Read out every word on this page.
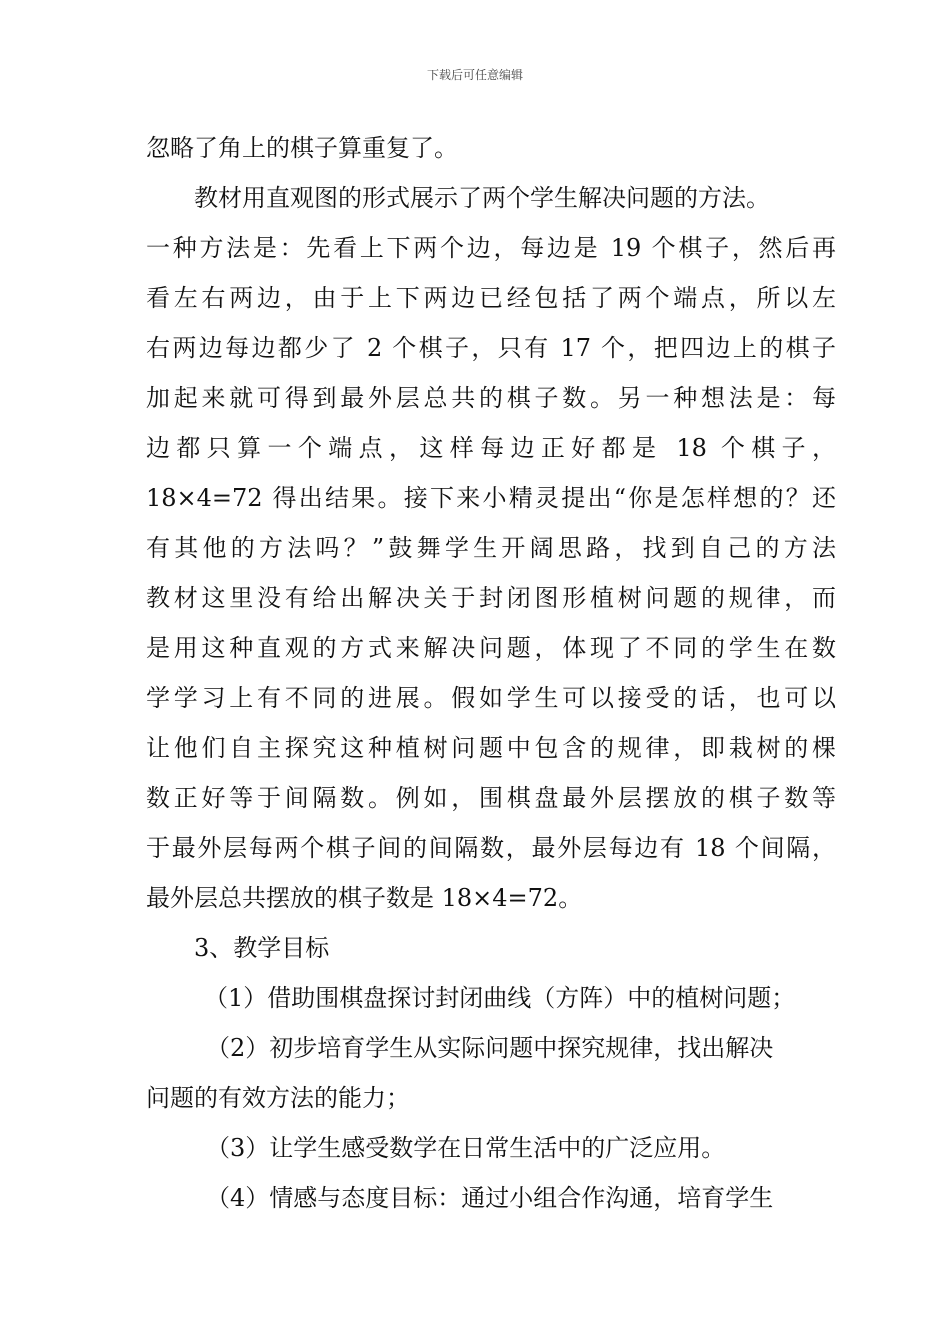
下载后可任意编辑
忽略了角上的棋子算重复了。
教材用直观图的形式展示了两个学生解决问题的方法。
一种方法是：先看上下两个边，每边是 19 个棋子，然后再
看左右两边，由于上下两边已经包括了两个端点，所以左
右两边每边都少了 2 个棋子，只有 17 个，把四边上的棋子
加起来就可得到最外层总共的棋子数。另一种想法是：每
边都只算一个端点，这样每边正好都是 18 个棋子，
18×4=72 得出结果。接下来小精灵提出“你是怎样想的？还
有其他的方法吗？”鼓舞学生开阔思路，找到自己的方法
教材这里没有给出解决关于封闭图形植树问题的规律，而
是用这种直观的方式来解决问题，体现了不同的学生在数
学学习上有不同的进展。假如学生可以接受的话，也可以
让他们自主探究这种植树问题中包含的规律，即栽树的棵
数正好等于间隔数。例如，围棋盘最外层摆放的棋子数等
于最外层每两个棋子间的间隔数，最外层每边有 18 个间隔，
最外层总共摆放的棋子数是 18×4=72。
3、教学目标
（1）借助围棋盘探讨封闭曲线（方阵）中的植树问题；
（2）初步培育学生从实际问题中探究规律，找出解决
问题的有效方法的能力；
（3）让学生感受数学在日常生活中的广泛应用。
（4）情感与态度目标：通过小组合作沟通，培育学生
